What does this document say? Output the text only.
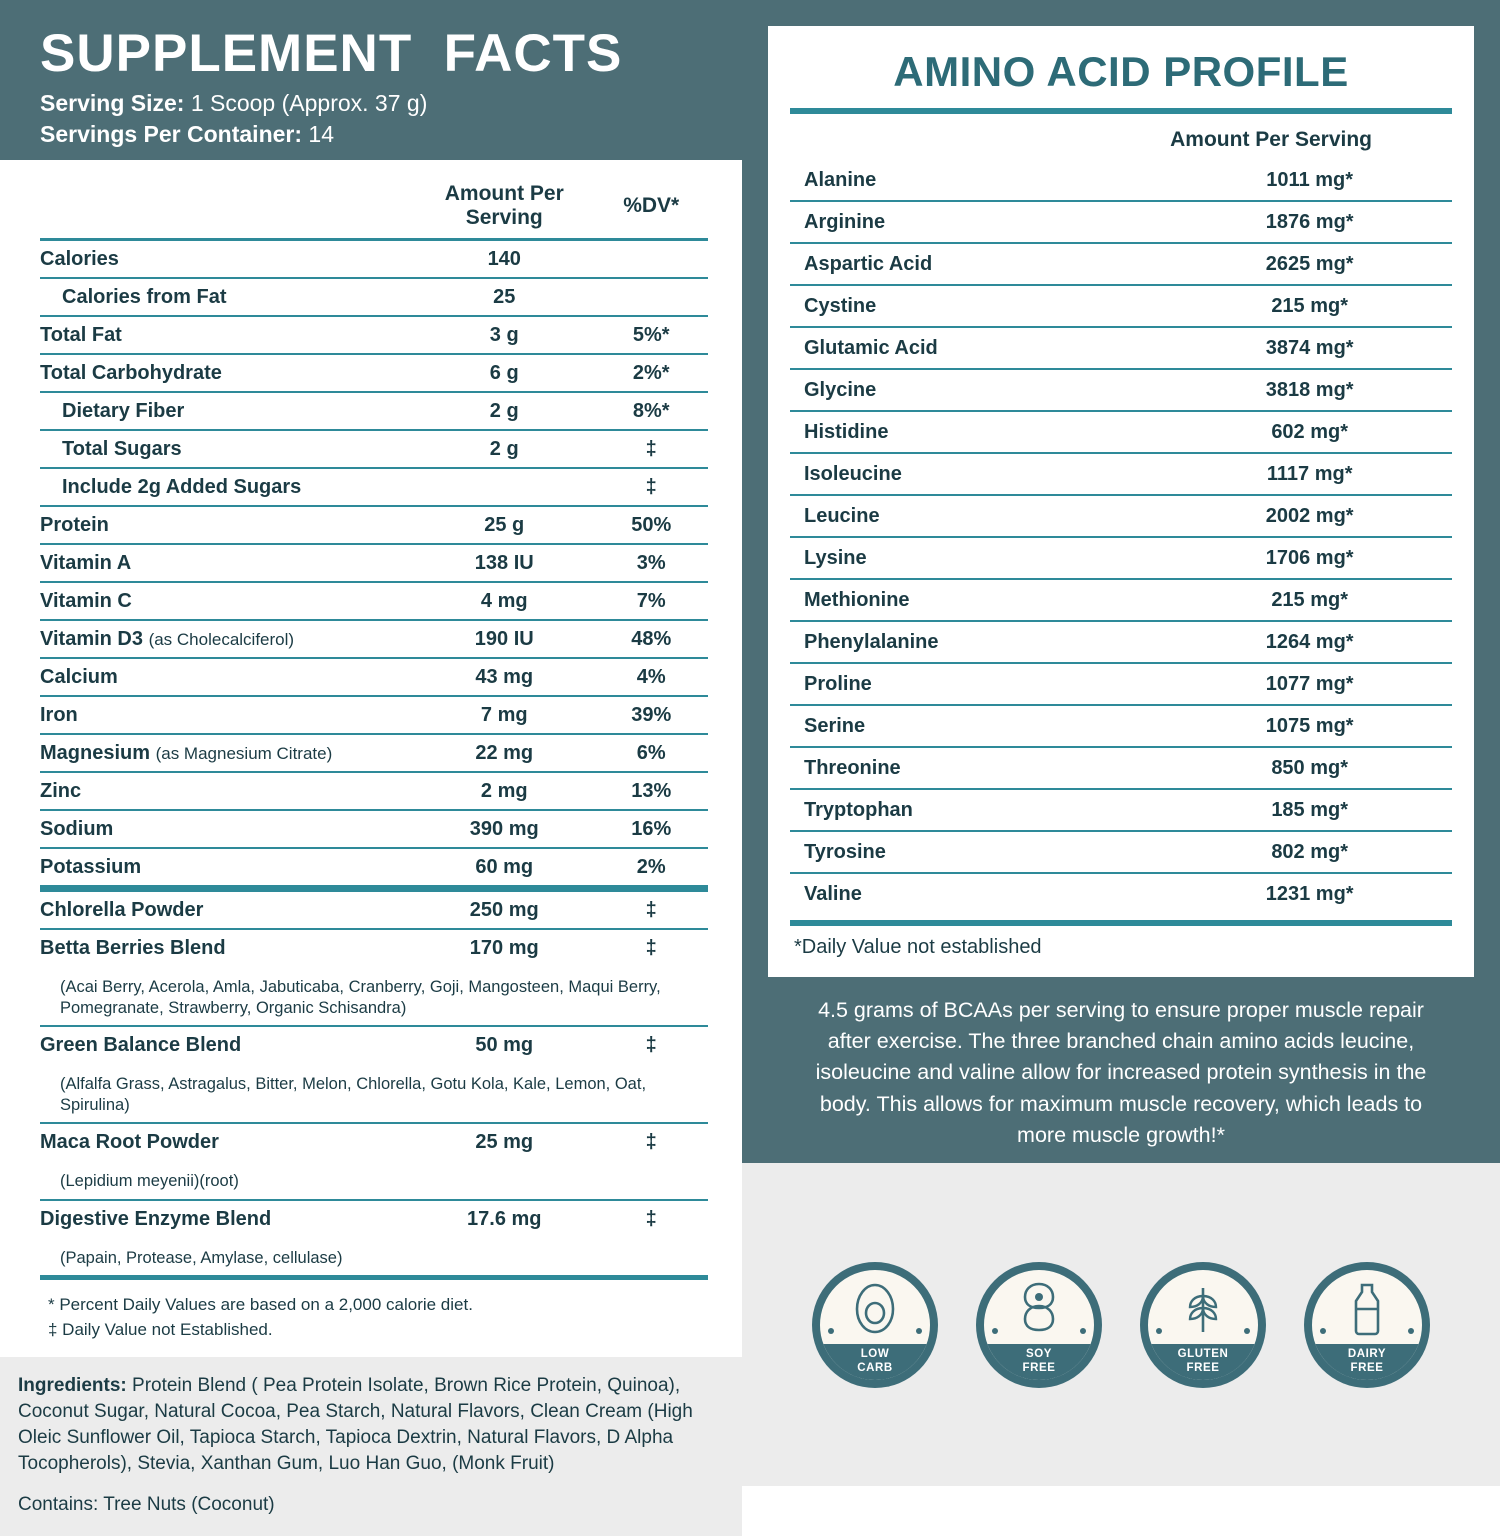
SUPPLEMENT  FACTS
Serving Size: 1 Scoop (Approx. 37 g)
Servings Per Container: 14
	Amount Per Serving	%DV*
Calories	140	
Calories from Fat	25	
Total Fat	3 g	5%*
Total Carbohydrate	6 g	2%*
Dietary Fiber	2 g	8%*
Total Sugars	2 g	‡
Include 2g Added Sugars		‡
Protein	25 g	50%
Vitamin A	138 IU	3%
Vitamin C	4 mg	7%
Vitamin D3 (as Cholecalciferol)	190 IU	48%
Calcium	43 mg	4%
Iron	7 mg	39%
Magnesium (as Magnesium Citrate)	22 mg	6%
Zinc	2 mg	13%
Sodium	390 mg	16%
Potassium	60 mg	2%

Chlorella Powder	250 mg	‡
Betta Berries Blend	170 mg	‡

(Acai Berry, Acerola, Amla, Jabuticaba, Cranberry, Goji, Mangosteen, Maqui Berry, Pomegranate, Strawberry, Organic Schisandra)		

Green Balance Blend	50 mg	‡

(Alfalfa Grass, Astragalus, Bitter, Melon, Chlorella, Gotu Kola, Kale, Lemon, Oat, Spirulina)		

Maca Root Powder	25 mg	‡

(Lepidium meyenii)(root)		

Digestive Enzyme Blend	17.6 mg	‡

(Papain, Protease, Amylase, cellulase)		

* Percent Daily Values are based on a 2,000 calorie diet.
‡ Daily Value not Established.
Ingredients: Protein Blend ( Pea Protein Isolate, Brown Rice Protein, Quinoa), Coconut Sugar, Natural Cocoa, Pea Starch, Natural Flavors, Clean Cream (High Oleic Sunflower Oil, Tapioca Starch, Tapioca Dextrin, Natural Flavors, D Alpha Tocopherols), Stevia, Xanthan Gum, Luo Han Guo, (Monk Fruit)
Contains: Tree Nuts (Coconut)
AMINO ACID PROFILE
Amount Per Serving
Alanine	1011 mg*
Arginine	1876 mg*
Aspartic Acid	2625 mg*
Cystine	215 mg*
Glutamic Acid	3874 mg*
Glycine	3818 mg*
Histidine	602 mg*
Isoleucine	1117 mg*
Leucine	2002 mg*
Lysine	1706 mg*
Methionine	215 mg*
Phenylalanine	1264 mg*
Proline	1077 mg*
Serine	1075 mg*
Threonine	850 mg*
Tryptophan	185 mg*
Tyrosine	802 mg*
Valine	1231 mg*
*Daily Value not established
4.5 grams of BCAAs per serving to ensure proper muscle repair after exercise. The three branched chain amino acids leucine, isoleucine and valine allow for increased protein synthesis in the body. This allows for maximum muscle recovery, which leads to more muscle growth!*
LOW
CARB
SOY
FREE
GLUTEN
FREE
DAIRY
FREE
